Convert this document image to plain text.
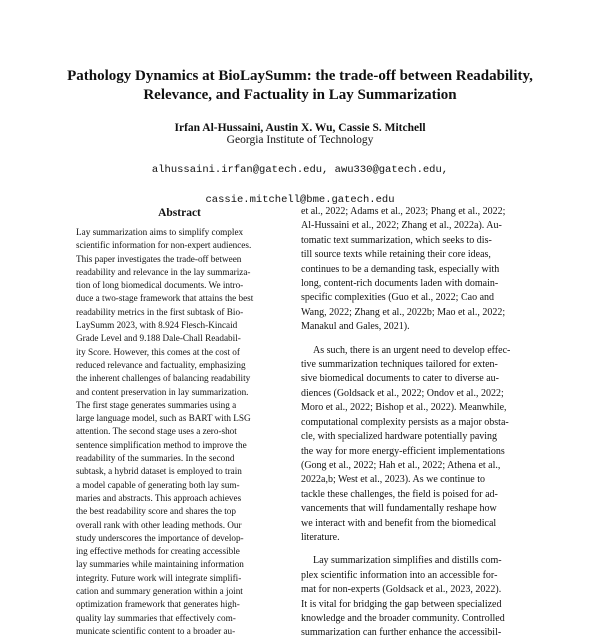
Pathology Dynamics at BioLaySumm: the trade-off between Readability,
Relevance, and Factuality in Lay Summarization
Irfan Al-Hussaini, Austin X. Wu, Cassie S. Mitchell
Georgia Institute of Technology

alhussaini.irfan@gatech.edu, awu330@gatech.edu,

cassie.mitchell@bme.gatech.edu

Abstract
Lay summarization aims to simplify complex
scientific information for non-expert audiences.
This paper investigates the trade-off between
readability and relevance in the lay summariza-
tion of long biomedical documents. We intro-
duce a two-stage framework that attains the best
readability metrics in the first subtask of Bio-
LaySumm 2023, with 8.924 Flesch-Kincaid
Grade Level and 9.188 Dale-Chall Readabil-
ity Score. However, this comes at the cost of
reduced relevance and factuality, emphasizing
the inherent challenges of balancing readability
and content preservation in lay summarization.
The first stage generates summaries using a
large language model, such as BART with LSG
attention. The second stage uses a zero-shot
sentence simplification method to improve the
readability of the summaries. In the second
subtask, a hybrid dataset is employed to train
a model capable of generating both lay sum-
maries and abstracts. This approach achieves
the best readability score and shares the top
overall rank with other leading methods. Our
study underscores the importance of develop-
ing effective methods for creating accessible
lay summaries while maintaining information
integrity. Future work will integrate simplifi-
cation and summary generation within a joint
optimization framework that generates high-
quality lay summaries that effectively com-
municate scientific content to a broader au-
et al., 2022; Adams et al., 2023; Phang et al., 2022;
Al-Hussaini et al., 2022; Zhang et al., 2022a). Au-
tomatic text summarization, which seeks to dis-
till source texts while retaining their core ideas,
continues to be a demanding task, especially with
long, content-rich documents laden with domain-
specific complexities (Guo et al., 2022; Cao and
Wang, 2022; Zhang et al., 2022b; Mao et al., 2022;
Manakul and Gales, 2021).
As such, there is an urgent need to develop effec-
tive summarization techniques tailored for exten-
sive biomedical documents to cater to diverse au-
diences (Goldsack et al., 2022; Ondov et al., 2022;
Moro et al., 2022; Bishop et al., 2022). Meanwhile,
computational complexity persists as a major obsta-
cle, with specialized hardware potentially paving
the way for more energy-efficient implementations
(Gong et al., 2022; Hah et al., 2022; Athena et al.,
2022a,b; West et al., 2023). As we continue to
tackle these challenges, the field is poised for ad-
vancements that will fundamentally reshape how
we interact with and benefit from the biomedical
literature.
Lay summarization simplifies and distills com-
plex scientific information into an accessible for-
mat for non-experts (Goldsack et al., 2023, 2022).
It is vital for bridging the gap between specialized
knowledge and the broader community. Controlled
summarization can further enhance the accessibil-
